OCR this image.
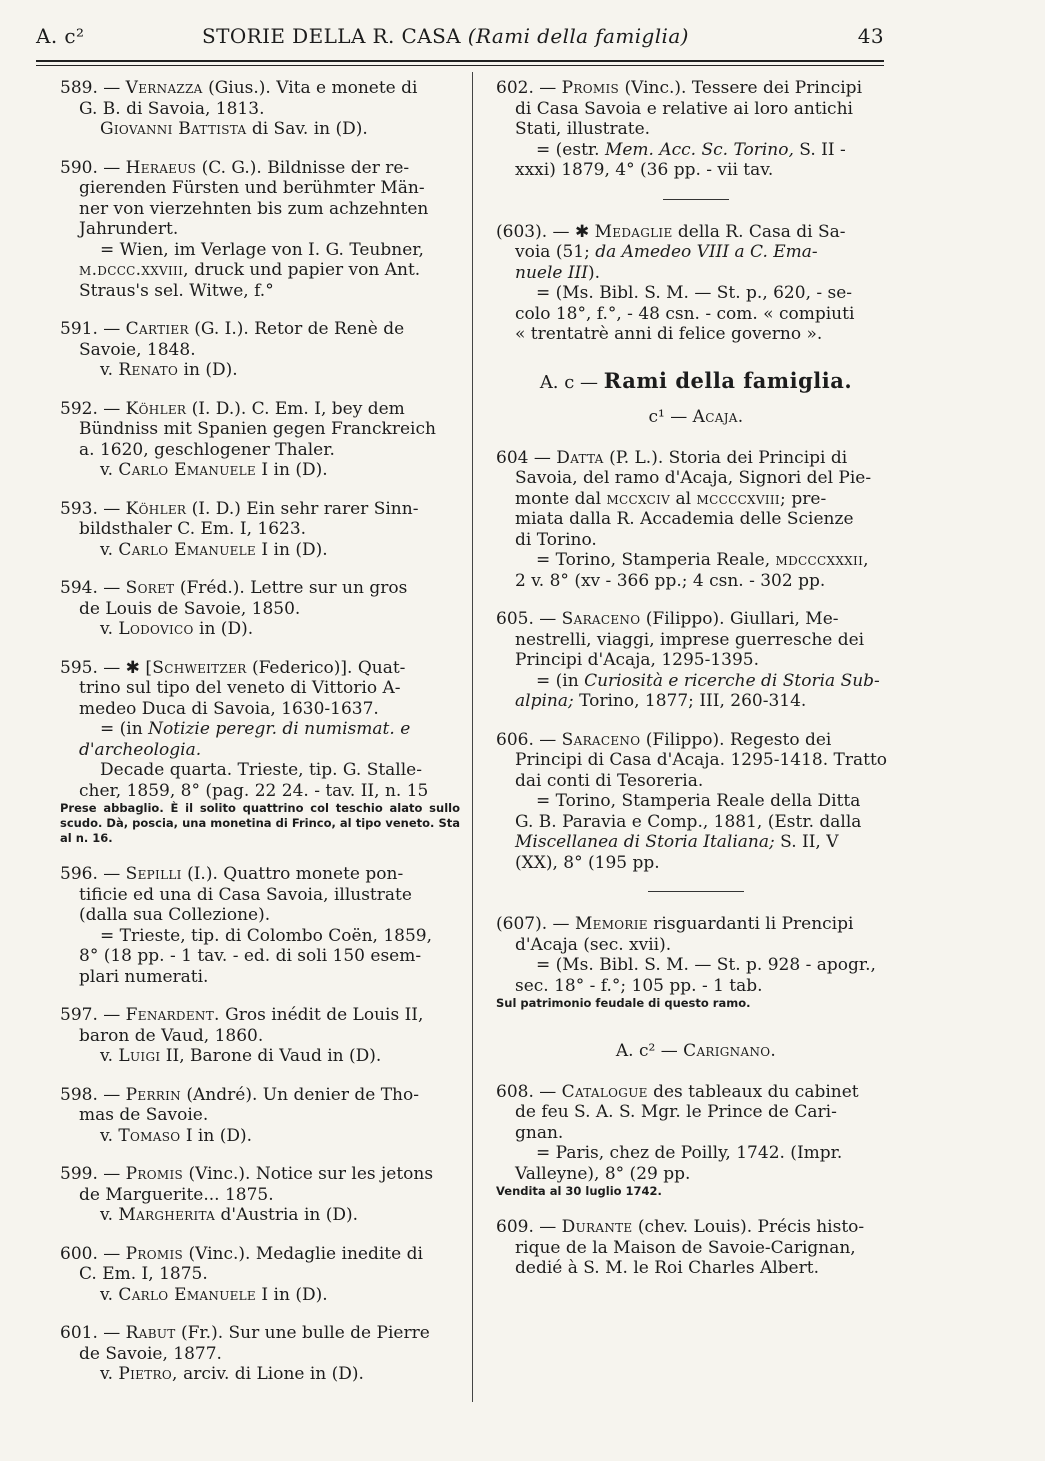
A. c²	STORIE DELLA R. CASA (Rami della famiglia)	43

589. — Vernazza (Gius.). Vita e monete di

G. B. di Savoia, 1813.

Giovanni Battista di Sav. in (D).

590. — Heraeus (C. G.). Bildnisse der re-

gierenden Fürsten und berühmter Män-

ner von vierzehnten bis zum achzehnten

Jahrundert.

= Wien, im Verlage von I. G. Teubner,

m.dccc.xxviii, druck und papier von Ant.

Straus's sel. Witwe, f.°

591. — Cartier (G. I.). Retor de Renè de

Savoie, 1848.

v. Renato in (D).

592. — Köhler (I. D.). C. Em. I, bey dem

Bündniss mit Spanien gegen Franckreich

a. 1620, geschlogener Thaler.

v. Carlo Emanuele I in (D).

593. — Köhler (I. D.) Ein sehr rarer Sinn-

bildsthaler C. Em. I, 1623.

v. Carlo Emanuele I in (D).

594. — Soret (Fréd.). Lettre sur un gros

de Louis de Savoie, 1850.

v. Lodovico in (D).

595. — ✱ [Schweitzer (Federico)]. Quat-

trino sul tipo del veneto di Vittorio A-

medeo Duca di Savoia, 1630-1637.

= (in Notizie peregr. di numismat. e

d'archeologia.

Decade quarta. Trieste, tip. G. Stalle-

cher, 1859, 8° (pag. 22 24. - tav. II, n. 15

Prese abbaglio. È il solito quattrino col teschio alato sullo scudo. Dà, poscia, una monetina di Frinco, al tipo veneto. Sta al n. 16.

596. — Sepilli (I.). Quattro monete pon-

tificie ed una di Casa Savoia, illustrate

(dalla sua Collezione).

= Trieste, tip. di Colombo Coën, 1859,

8° (18 pp. - 1 tav. - ed. di soli 150 esem-

plari numerati.

597. — Fenardent. Gros inédit de Louis II,

baron de Vaud, 1860.

v. Luigi II, Barone di Vaud in (D).

598. — Perrin (André). Un denier de Tho-

mas de Savoie.

v. Tomaso I in (D).

599. — Promis (Vinc.). Notice sur les jetons

de Marguerite... 1875.

v. Margherita d'Austria in (D).

600. — Promis (Vinc.). Medaglie inedite di

C. Em. I, 1875.

v. Carlo Emanuele I in (D).

601. — Rabut (Fr.). Sur une bulle de Pierre

de Savoie, 1877.

v. Pietro, arciv. di Lione in (D).

602. — Promis (Vinc.). Tessere dei Principi

di Casa Savoia e relative ai loro antichi

Stati, illustrate.

= (estr. Mem. Acc. Sc. Torino, S. II -

xxxi) 1879, 4° (36 pp. - vii tav.

(603). — ✱ Medaglie della R. Casa di Sa-

voia (51; da Amedeo VIII a C. Ema-

nuele III).

= (Ms. Bibl. S. M. — St. p., 620, - se-

colo 18°, f.°, - 48 csn. - com. « compiuti

« trentatrè anni di felice governo ».

A. c — Rami della famiglia.
c¹ — Acaja.

604 — Datta (P. L.). Storia dei Principi di

Savoia, del ramo d'Acaja, Signori del Pie-

monte dal mccxciv al mccccxviii; pre-

miata dalla R. Accademia delle Scienze

di Torino.

= Torino, Stamperia Reale, mdcccxxxii,

2 v. 8° (xv - 366 pp.; 4 csn. - 302 pp.

605. — Saraceno (Filippo). Giullari, Me-

nestrelli, viaggi, imprese guerresche dei

Principi d'Acaja, 1295-1395.

= (in Curiosità e ricerche di Storia Sub-

alpina; Torino, 1877; III, 260-314.

606. — Saraceno (Filippo). Regesto dei

Principi di Casa d'Acaja. 1295-1418. Tratto

dai conti di Tesoreria.

= Torino, Stamperia Reale della Ditta

G. B. Paravia e Comp., 1881, (Estr. dalla

Miscellanea di Storia Italiana; S. II, V

(XX), 8° (195 pp.

(607). — Memorie risguardanti li Prencipi

d'Acaja (sec. xvii).

= (Ms. Bibl. S. M. — St. p. 928 - apogr.,

sec. 18° - f.°; 105 pp. - 1 tab.

Sul patrimonio feudale di questo ramo.

A. c² — Carignano.

608. — Catalogue des tableaux du cabinet

de feu S. A. S. Mgr. le Prince de Cari-

gnan.

= Paris, chez de Poilly, 1742. (Impr.

Valleyne), 8° (29 pp.

Vendita al 30 luglio 1742.

609. — Durante (chev. Louis). Précis histo-

rique de la Maison de Savoie-Carignan,

dedié à S. M. le Roi Charles Albert.
